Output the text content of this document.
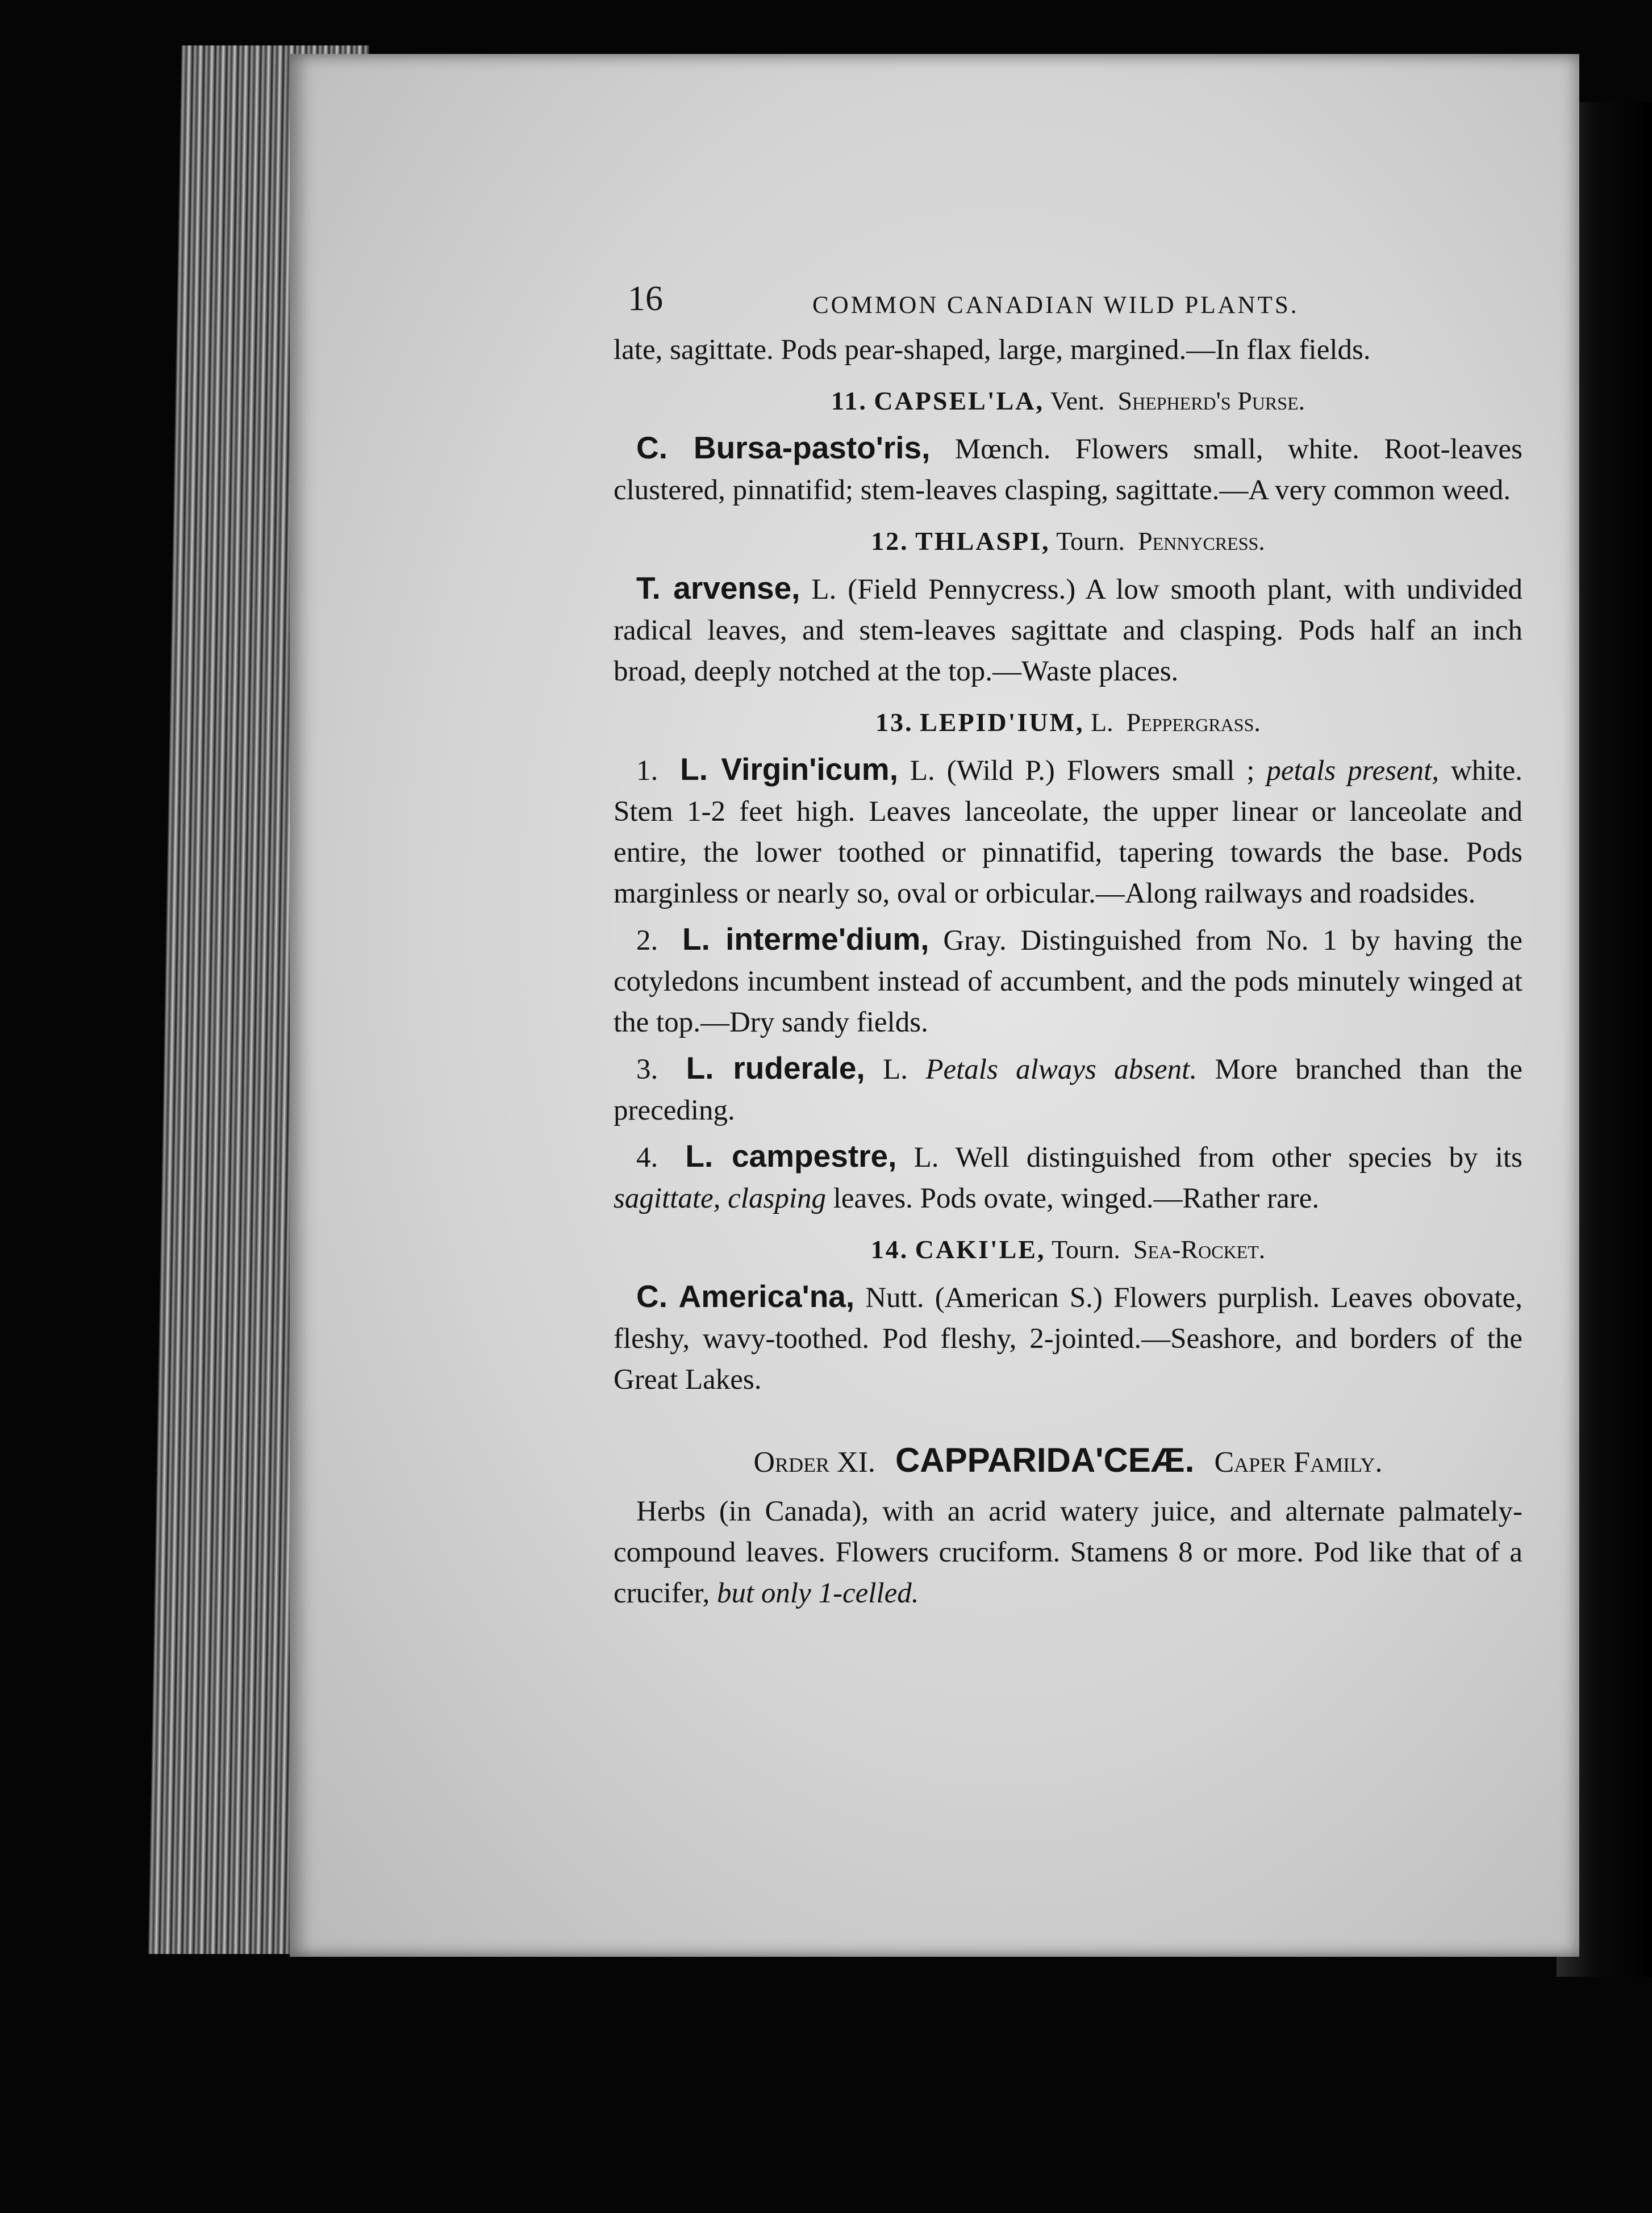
16	COMMON CANADIAN WILD PLANTS.

late, sagittate. Pods pear-shaped, large, margined.—In flax fields.

11. CAPSEL'LA, Vent. Shepherd's Purse.

C. Bursa-pasto'ris, Mœnch. Flowers small, white. Root-leaves clustered, pinnatifid; stem-leaves clasping, sagittate.—A very common weed.

12. THLASPI, Tourn. Pennycress.

T. arvense, L. (Field Pennycress.) A low smooth plant, with undivided radical leaves, and stem-leaves sagittate and clasping. Pods half an inch broad, deeply notched at the top.—Waste places.

13. LEPID'IUM, L. Peppergrass.

1. L. Virgin'icum, L. (Wild P.) Flowers small ; petals present, white. Stem 1-2 feet high. Leaves lanceolate, the upper linear or lanceolate and entire, the lower toothed or pinnatifid, tapering towards the base. Pods marginless or nearly so, oval or orbicular.—Along railways and roadsides.

2. L. interme'dium, Gray. Distinguished from No. 1 by having the cotyledons incumbent instead of accumbent, and the pods minutely winged at the top.—Dry sandy fields.

3. L. ruderale, L. Petals always absent. More branched than the preceding.

4. L. campestre, L. Well distinguished from other species by its sagittate, clasping leaves. Pods ovate, winged.—Rather rare.

14. CAKI'LE, Tourn. Sea-Rocket.

C. America'na, Nutt. (American S.) Flowers purplish. Leaves obovate, fleshy, wavy-toothed. Pod fleshy, 2-jointed.—Seashore, and borders of the Great Lakes.

Order XI. CAPPARIDA'CEÆ. Caper Family.

Herbs (in Canada), with an acrid watery juice, and alternate palmately-compound leaves. Flowers cruciform. Stamens 8 or more. Pod like that of a crucifer, but only 1-celled.
